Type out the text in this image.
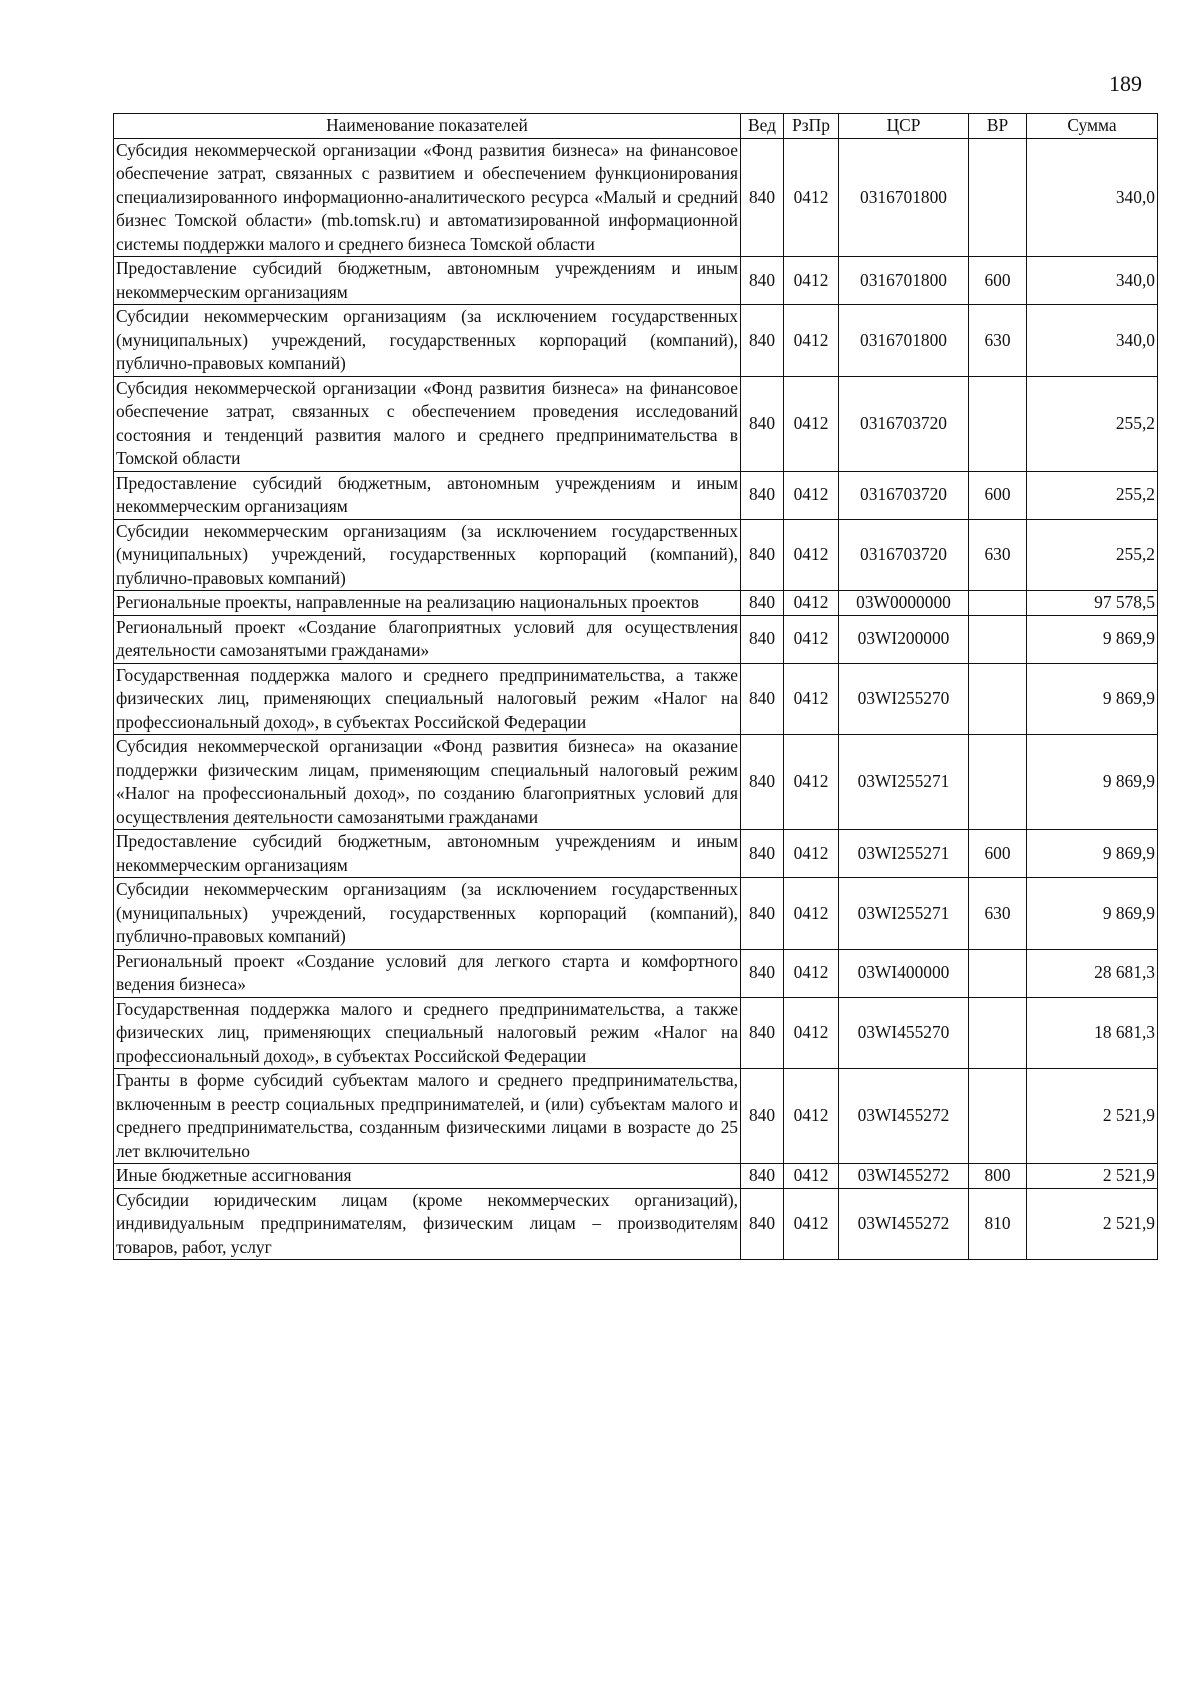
189
Наименование показателей	Вед	РзПр	ЦСР	ВР	Сумма
Субсидия некоммерческой организации «Фонд развития бизнеса» на финансовое обеспечение затрат, связанных с развитием и обеспечением функционирования специализированного информационно-аналитического ресурса «Малый и средний бизнес Томской области» (mb.tomsk.ru) и автоматизированной информационной системы поддержки малого и среднего бизнеса Томской области	840	0412	0316701800		340,0
Предоставление субсидий бюджетным, автономным учреждениям и иным некоммерческим организациям	840	0412	0316701800	600	340,0
Субсидии некоммерческим организациям (за исключением государственных (муниципальных) учреждений, государственных корпораций (компаний), публично-правовых компаний)	840	0412	0316701800	630	340,0
Субсидия некоммерческой организации «Фонд развития бизнеса» на финансовое обеспечение затрат, связанных с обеспечением проведения исследований состояния и тенденций развития малого и среднего предпринимательства в Томской области	840	0412	0316703720		255,2
Предоставление субсидий бюджетным, автономным учреждениям и иным некоммерческим организациям	840	0412	0316703720	600	255,2
Субсидии некоммерческим организациям (за исключением государственных (муниципальных) учреждений, государственных корпораций (компаний), публично-правовых компаний)	840	0412	0316703720	630	255,2
Региональные проекты, направленные на реализацию национальных проектов	840	0412	03W0000000		97 578,5
Региональный проект «Создание благоприятных условий для осуществления деятельности самозанятыми гражданами»	840	0412	03WI200000		9 869,9
Государственная поддержка малого и среднего предпринимательства, а также физических лиц, применяющих специальный налоговый режим «Налог на профессиональный доход», в субъектах Российской Федерации	840	0412	03WI255270		9 869,9
Субсидия некоммерческой организации «Фонд развития бизнеса» на оказание поддержки физическим лицам, применяющим специальный налоговый режим «Налог на профессиональный доход», по созданию благоприятных условий для осуществления деятельности самозанятыми гражданами	840	0412	03WI255271		9 869,9
Предоставление субсидий бюджетным, автономным учреждениям и иным некоммерческим организациям	840	0412	03WI255271	600	9 869,9
Субсидии некоммерческим организациям (за исключением государственных (муниципальных) учреждений, государственных корпораций (компаний), публично-правовых компаний)	840	0412	03WI255271	630	9 869,9
Региональный проект «Создание условий для легкого старта и комфортного ведения бизнеса»	840	0412	03WI400000		28 681,3
Государственная поддержка малого и среднего предпринимательства, а также физических лиц, применяющих специальный налоговый режим «Налог на профессиональный доход», в субъектах Российской Федерации	840	0412	03WI455270		18 681,3
Гранты в форме субсидий субъектам малого и среднего предпринимательства, включенным в реестр социальных предпринимателей, и (или) субъектам малого и среднего предпринимательства, созданным физическими лицами в возрасте до 25 лет включительно	840	0412	03WI455272		2 521,9
Иные бюджетные ассигнования	840	0412	03WI455272	800	2 521,9
Субсидии юридическим лицам (кроме некоммерческих организаций), индивидуальным предпринимателям, физическим лицам – производителям товаров, работ, услуг	840	0412	03WI455272	810	2 521,9
